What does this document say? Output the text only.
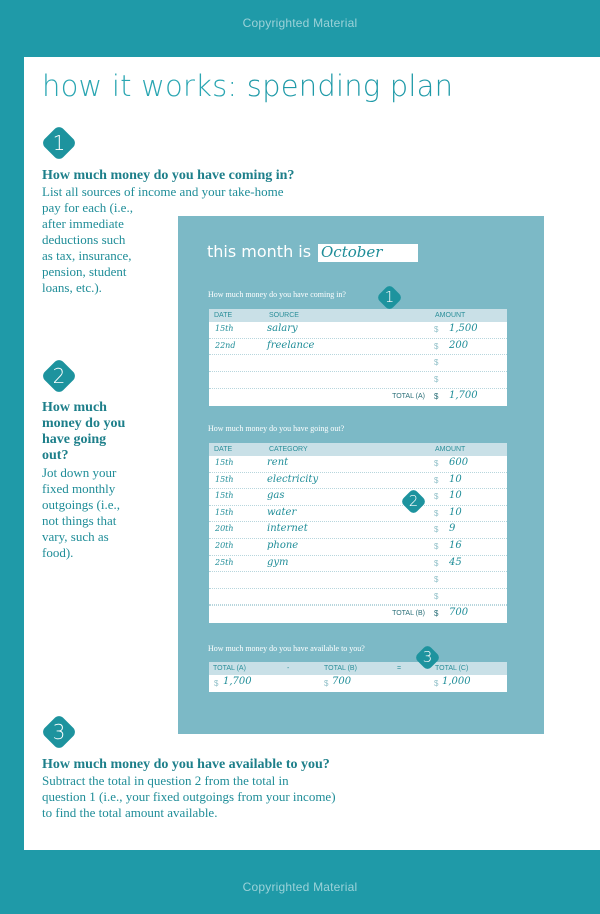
Copyrighted Material
how it works: spending plan
1

How much money do you have coming in?

List all sources of income and your take-home
pay for each (i.e.,
after immediate
deductions such
as tax, insurance,
pension, student
loans, etc.).
2
How much
money do you
have going
out?
Jot down your
fixed monthly
outgoings (i.e.,
not things that
vary, such as
food).
3

How much money do you have available to you?

Subtract the total in question 2 from the total in
question 1 (i.e., your fixed outgoings from your income)
to find the total amount available.
this month is October
How much money do you have coming in?	1
DATE	SOURCE	AMOUNT
15th	salary	$ 1,500
22nd	freelance	$ 200
$
$
TOTAL (A) $ 1,700
How much money do you have going out?
DATE	CATEGORY	AMOUNT
15th	rent	$ 600
15th	electricity	$ 10
15th	gas	$ 10
15th	water	$ 10
20th	internet	$ 9
20th	phone	$ 16
25th	gym	$ 45
$
$
TOTAL (B) $ 700
2
How much money do you have available to you?
TOTAL (A)	-	TOTAL (B)	=	TOTAL (C)
$ 1,700	$ 700	$ 1,000
3
Copyrighted Material
